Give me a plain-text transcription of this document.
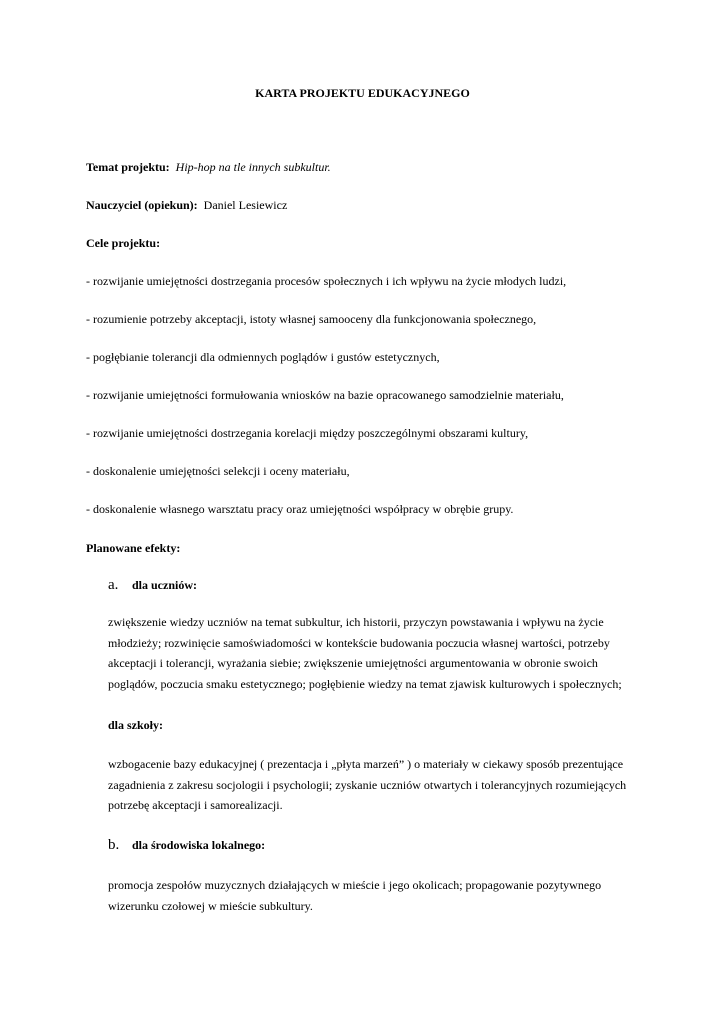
KARTA PROJEKTU EDUKACYJNEGO
Temat projektu: Hip-hop na tle innych subkultur.
Nauczyciel (opiekun): Daniel Lesiewicz
Cele projektu:
- rozwijanie umiejętności dostrzegania procesów społecznych i ich wpływu na życie młodych ludzi,
- rozumienie potrzeby akceptacji, istoty własnej samooceny dla funkcjonowania społecznego,
- pogłębianie tolerancji dla odmiennych poglądów i gustów estetycznych,
- rozwijanie umiejętności formułowania wniosków na bazie opracowanego samodzielnie materiału,
- rozwijanie umiejętności dostrzegania korelacji między poszczególnymi obszarami kultury,
- doskonalenie umiejętności selekcji i oceny materiału,
- doskonalenie własnego warsztatu pracy oraz umiejętności współpracy w obrębie grupy.
Planowane efekty:
a. dla uczniów:
zwiększenie wiedzy uczniów na temat subkultur, ich historii, przyczyn powstawania i wpływu na życie
młodzieży; rozwinięcie samoświadomości w kontekście budowania poczucia własnej wartości, potrzeby
akceptacji i tolerancji, wyrażania siebie; zwiększenie umiejętności argumentowania w obronie swoich
poglądów, poczucia smaku estetycznego; pogłębienie wiedzy na temat zjawisk kulturowych i społecznych;
dla szkoły:
wzbogacenie bazy edukacyjnej ( prezentacja i „płyta marzeń” ) o materiały w ciekawy sposób prezentujące
zagadnienia z zakresu socjologii i psychologii; zyskanie uczniów otwartych i tolerancyjnych rozumiejących
potrzebę akceptacji i samorealizacji.
b. dla środowiska lokalnego:
promocja zespołów muzycznych działających w mieście i jego okolicach; propagowanie pozytywnego
wizerunku czołowej w mieście subkultury.
